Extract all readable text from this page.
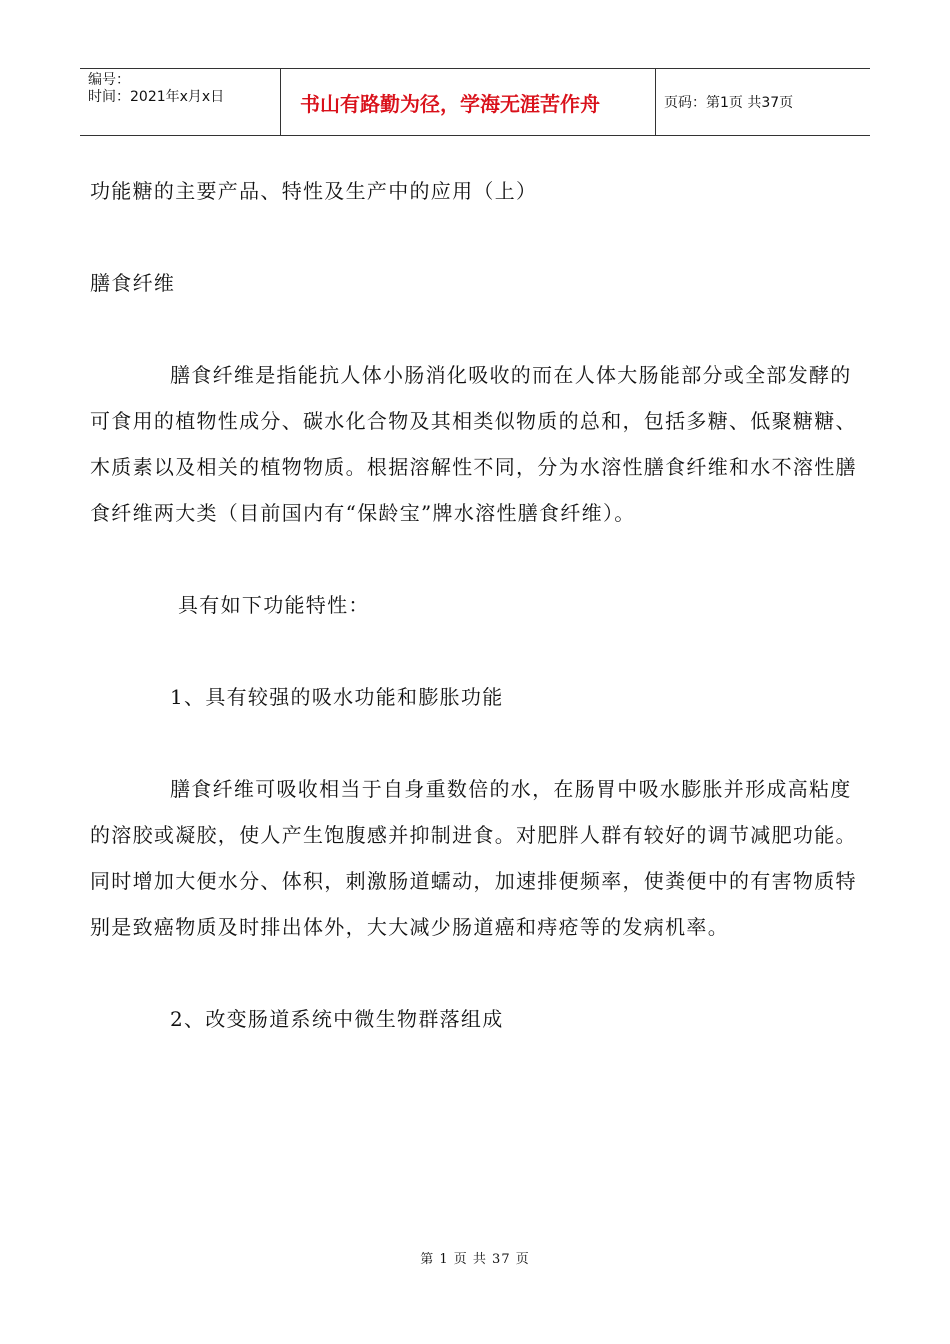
编号：
时间：2021年x月x日	书山有路勤为径，学海无涯苦作舟	页码：第1页 共37页

功能糖的主要产品、特性及生产中的应用（上）

膳食纤维

膳食纤维是指能抗人体小肠消化吸收的而在人体大肠能部分或全部发酵的可食用的植物性成分、碳水化合物及其相类似物质的总和，包括多糖、低聚糖糖、木质素以及相关的植物物质。根据溶解性不同，分为水溶性膳食纤维和水不溶性膳食纤维两大类（目前国内有“保龄宝”牌水溶性膳食纤维）。

具有如下功能特性：

1、具有较强的吸水功能和膨胀功能

膳食纤维可吸收相当于自身重数倍的水，在肠胃中吸水膨胀并形成高粘度的溶胶或凝胶，使人产生饱腹感并抑制进食。对肥胖人群有较好的调节减肥功能。同时增加大便水分、体积，刺激肠道蠕动，加速排便频率，使粪便中的有害物质特别是致癌物质及时排出体外，大大减少肠道癌和痔疮等的发病机率。

2、改变肠道系统中微生物群落组成

第 1 页 共 37 页
